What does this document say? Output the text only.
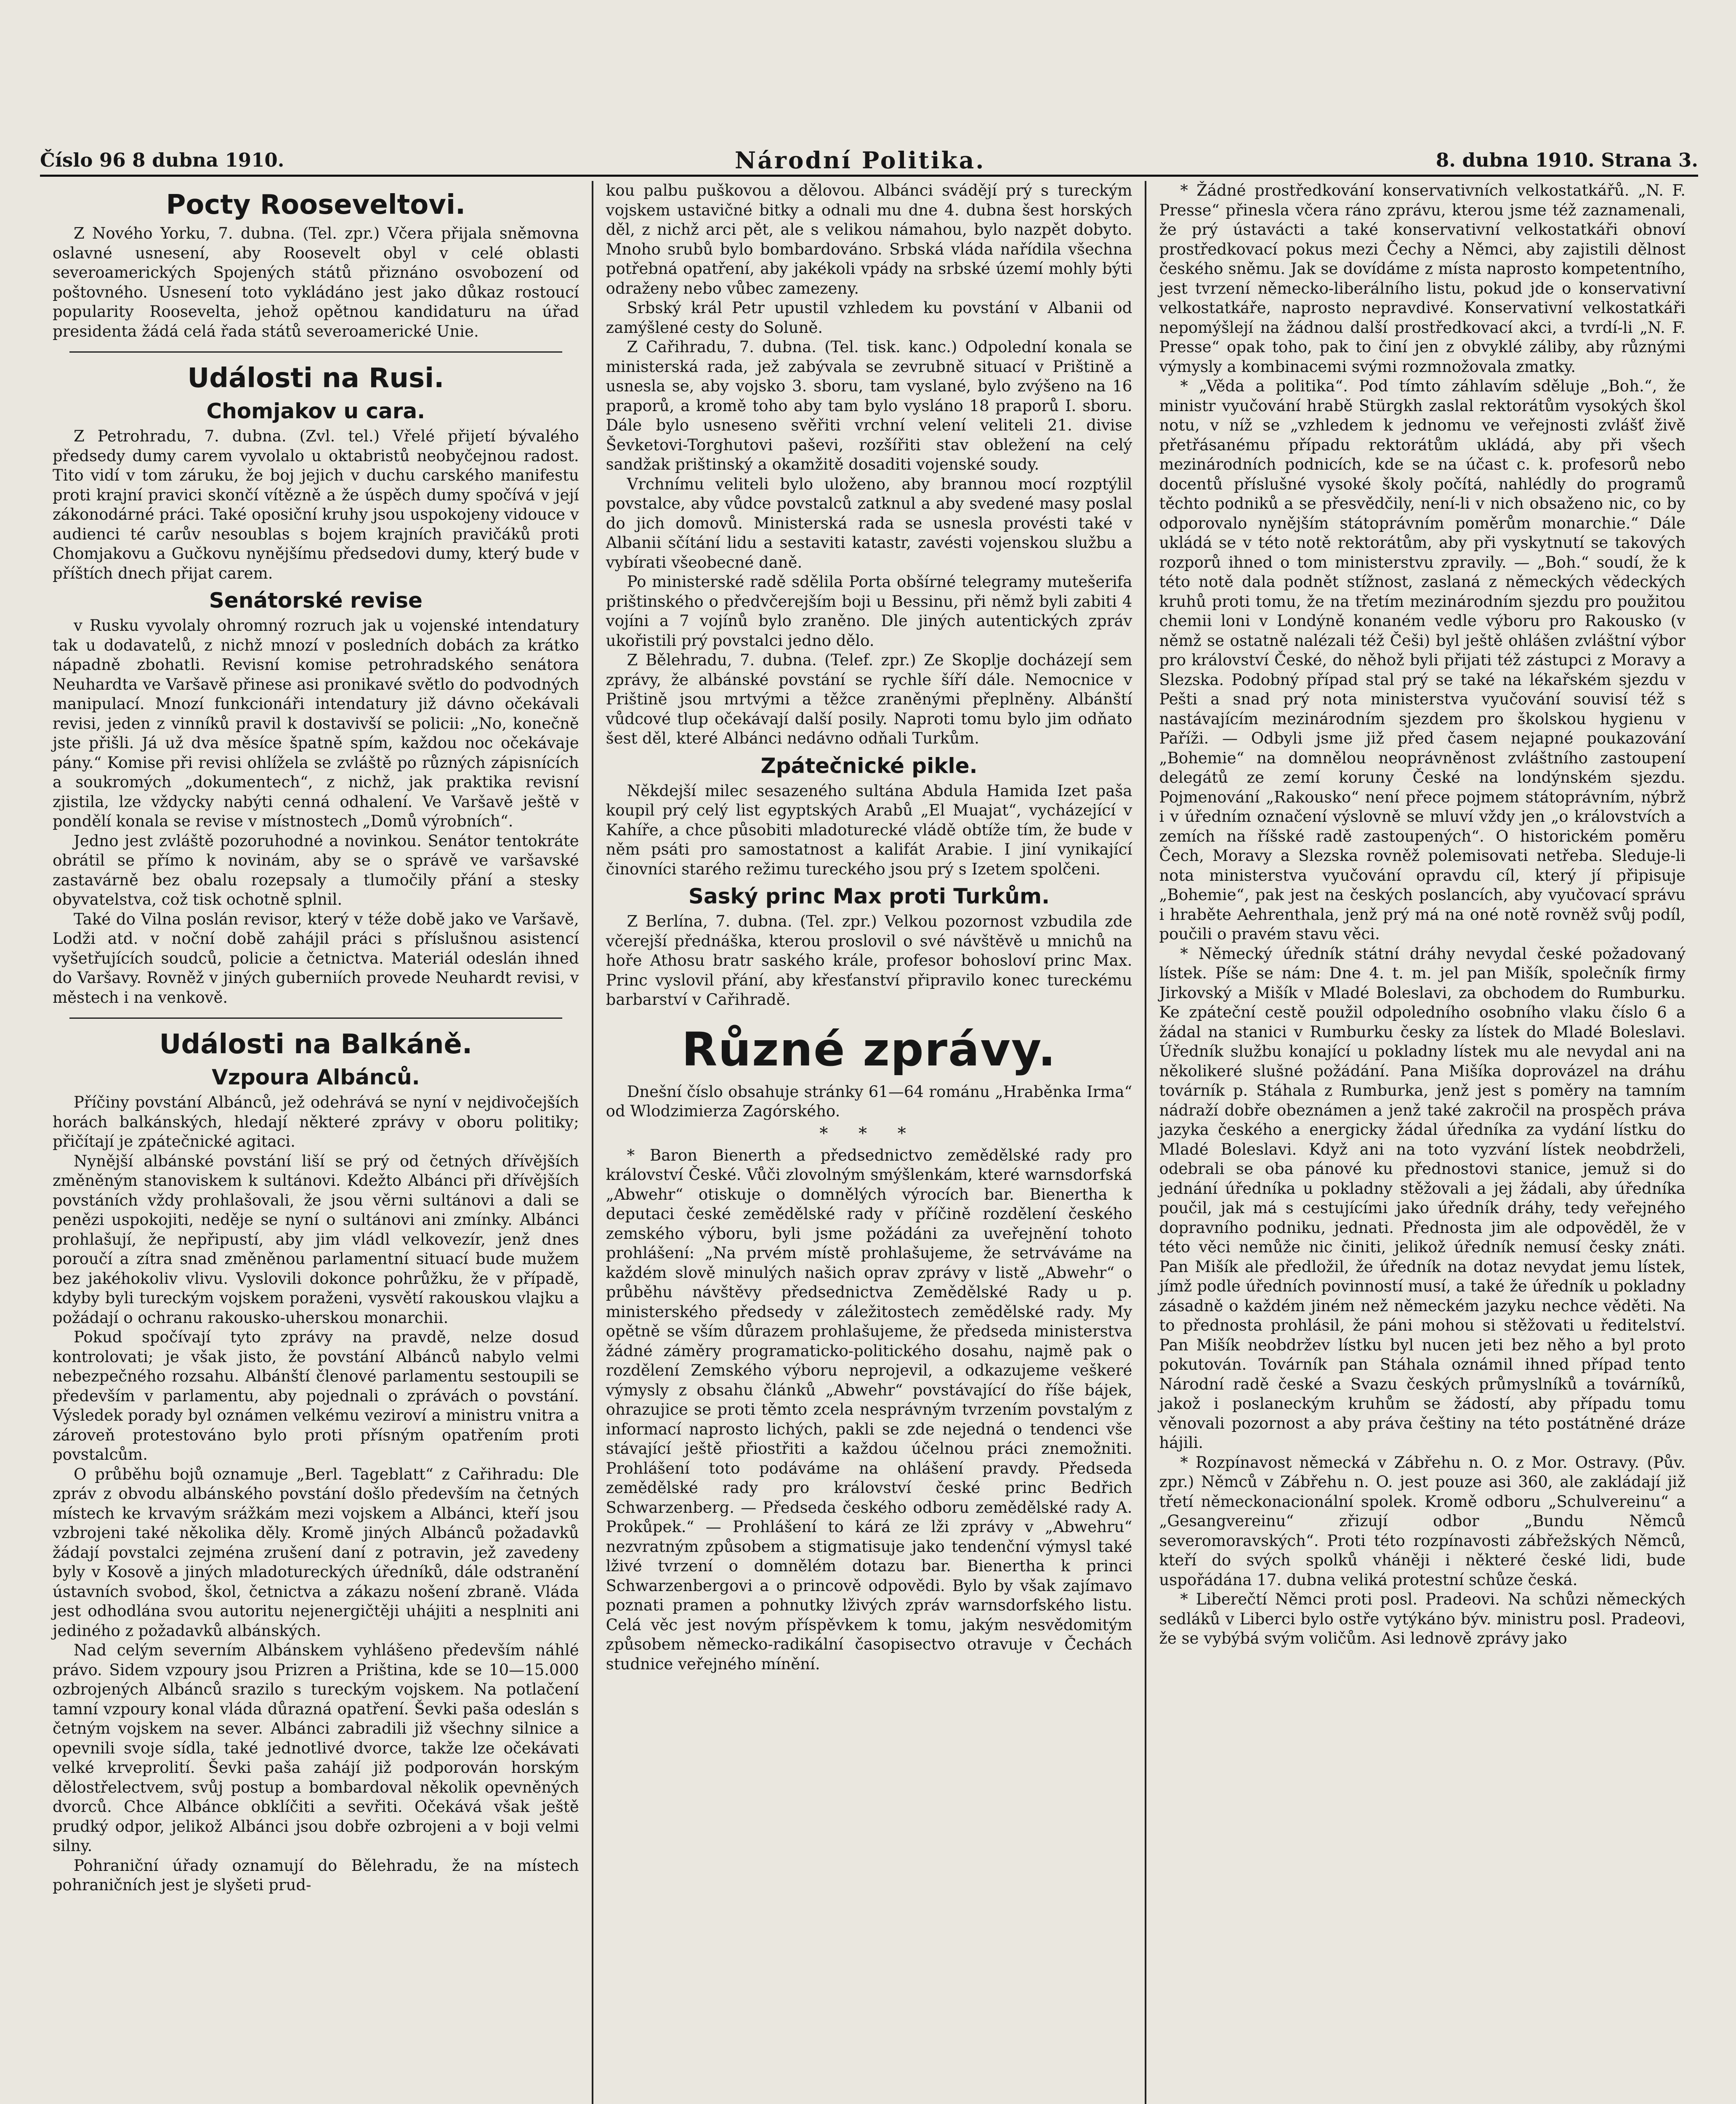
Číslo 96 8 dubna 1910.	Národní Politika.	8. dubna 1910. Strana 3.
Pocty Rooseveltovi.

Z Nového Yorku, 7. dubna. (Tel. zpr.) Včera přijala sněmovna oslavné usnesení, aby Roosevelt obyl v celé oblasti severoamerických Spojených států přiznáno osvobození od poštovného. Usnesení toto vykládáno jest jako důkaz rostoucí popularity Roosevelta, jehož opětnou kandidaturu na úřad presidenta žádá celá řada států severoamerické Unie.

Události na Rusi.
Chomjakov u cara.

Z Petrohradu, 7. dubna. (Zvl. tel.) Vřelé přijetí bývalého předsedy dumy carem vyvolalo u oktabristů neobyčejnou radost. Tito vidí v tom záruku, že boj jejich v duchu carského manifestu proti krajní pravici skončí vítězně a že úspěch dumy spočívá v její zákonodárné práci. Také oposiční kruhy jsou uspokojeny vidouce v audienci té carův nesoublas s bojem krajních pravičáků proti Chomjakovu a Gučkovu nynějšímu předsedovi dumy, který bude v příštích dnech přijat carem.

Senátorské revise

v Rusku vyvolaly ohromný rozruch jak u vojenské intendatury tak u dodavatelů, z nichž mnozí v posledních dobách za krátko nápadně zbohatli. Revisní komise petrohradského senátora Neuhardta ve Varšavě přinese asi pronikavé světlo do podvodných manipulací. Mnozí funkcionáři intendatury již dávno očekávali revisi, jeden z vinníků pravil k dostavivší se policii: „No, konečně jste přišli. Já už dva měsíce špatně spím, každou noc očekávaje pány.“ Komise při revisi ohlížela se zvláště po různých zápisnících a soukromých „dokumentech“, z nichž, jak praktika revisní zjistila, lze vždycky nabýti cenná odhalení. Ve Varšavě ještě v pondělí konala se revise v místnostech „Domů výrobních“.

Jedno jest zvláště pozoruhodné a novinkou. Senátor tentokráte obrátil se přímo k novinám, aby se o správě ve varšavské zastavárně bez obalu rozepsaly a tlumočily přání a stesky obyvatelstva, což tisk ochotně splnil.

Také do Vilna poslán revisor, který v téže době jako ve Varšavě, Lodži atd. v noční době zahájil práci s příslušnou asistencí vyšetřujících soudců, policie a četnictva. Materiál odeslán ihned do Varšavy. Rovněž v jiných guberniích provede Neuhardt revisi, v městech i na venkově.

Události na Balkáně.
Vzpoura Albánců.

Příčiny povstání Albánců, jež odehrává se nyní v nejdivočejších horách balkánských, hledají některé zprávy v oboru politiky; přičítají je zpátečnické agitaci.

Nynější albánské povstání liší se prý od četných dřívějších změněným stanoviskem k sultánovi. Kdežto Albánci při dřívějších povstáních vždy prohlašovali, že jsou věrni sultánovi a dali se penězi uspokojiti, nedějе se nyní o sultánovi ani zmínky. Albánci prohlašují, že nepřipustí, aby jim vládl velkovezír, jenž dnes poroučí a zítra snad změněnou parlamentní situací bude mužem bez jakéhokoliv vlivu. Vyslovili dokonce pohrůžku, že v případě, kdyby byli tureckým vojskem poraženi, vysvětí rakouskou vlajku a požádají o ochranu rakousko-uherskou monarchii.

Pokud spočívají tyto zprávy na pravdě, nelze dosud kontrolovati; je však jisto, že povstání Albánců nabylo velmi nebezpečného rozsahu. Albánští členové parlamentu sestoupili se především v parlamentu, aby pojednali o zprávách o povstání. Výsledek porady byl oznámen velkému veziroví a ministru vnitra a zároveň protestováno bylo proti přísným opatřením proti povstalcům.

O průběhu bojů oznamuje „Berl. Tageblatt“ z Cařihradu: Dle zpráv z obvodu albánského povstání došlo především na četných místech ke krvavým srážkám mezi vojskem a Albánci, kteří jsou vzbrojeni také několika děly. Kromě jiných Albánců požadavků žádají povstalci zejména zrušení daní z potravin, jež zavedeny byly v Kosově a jiných mladotureckých úředníků, dále odstranění ústavních svobod, škol, četnictva a zákazu nošení zbraně. Vláda jest odhodlána svou autoritu nejenergičtěji uhájiti a nesplniti ani jediného z požadavků albánských.

Nad celým severním Albánskem vyhlášeno především náhlé právo. Sidem vzpoury jsou Prizren a Priština, kde se 10—15.000 ozbrojených Albánců srazilo s tureckým vojskem. Na potlačení tamní vzpoury konal vláda důrazná opatření. Ševki paša odeslán s četným vojskem na sever. Albánci zabradili již všechny silnice a opevnili svoje sídla, také jednotlivé dvorce, takže lze očekávati velké krveprolití. Ševki paša zahájí již podporován horským dělostřelectvem, svůj postup a bombardoval několik opevněných dvorců. Chce Albánce obklíčiti a sevřiti. Očekává však ještě prudký odpor, jelikož Albánci jsou dobře ozbrojeni a v boji velmi silny.

Pohraniční úřady oznamují do Bělehradu, že na místech pohraničních jest je slyšeti prud-

kou palbu puškovou a dělovou. Albánci svádějí prý s tureckým vojskem ustavičné bitky a odnali mu dne 4. dubna šest horských děl, z nichž arci pět, ale s velikou námahou, bylo nazpět dobyto. Mnoho srubů bylo bombardováno. Srbská vláda nařídila všechna potřebná opatření, aby jakékoli vpády na srbské území mohly býti odraženy nebo vůbec zamezeny.

Srbský král Petr upustil vzhledem ku povstání v Albanii od zamýšlené cesty do Soluně.

Z Cařihradu, 7. dubna. (Tel. tisk. kanc.) Odpolední konala se ministerská rada, jež zabývala se zevrubně situací v Prištině a usnesla se, aby vojsko 3. sboru, tam vyslané, bylo zvýšeno na 16 praporů, a kromě toho aby tam bylo vysláno 18 praporů I. sboru. Dále bylo usneseno svěřiti vrchní velení veliteli 21. divise Ševketovi-Torghutovi paševi, rozšířiti stav obležení na celý sandžak prištinský a okamžitě dosaditi vojenské soudy.

Vrchnímu veliteli bylo uloženo, aby brannou mocí rozptýlil povstalce, aby vůdce povstalců zatknul a aby svedené masy poslal do jich domovů. Ministerská rada se usnesla provésti také v Albanii sčítání lidu a sestaviti katastr, zavésti vojenskou službu a vybírati všeobecné daně.

Po ministerské radě sdělila Porta obšírné telegramy mutešerifa prištinského o předvčerejším boji u Bessinu, při němž byli zabiti 4 vojíni a 7 vojínů bylo zraněno. Dle jiných autentických zpráv ukořistili prý povstalci jedno dělo.

Z Bělehradu, 7. dubna. (Telef. zpr.) Ze Skoplje docházejí sem zprávy, že albánské povstání se rychle šíří dále. Nemocnice v Prištině jsou mrtvými a těžce zraněnými přeplněny. Albánští vůdcové tlup očekávají další posily. Naproti tomu bylo jim odňato šest děl, které Albánci nedávno odňali Turkům.

Zpátečnické pikle.

Někdejší milec sesazeného sultána Abdula Hamida Izet paša koupil prý celý list egyptských Arabů „El Muajat“, vycházející v Kahíře, a chce působiti mladoturecké vládě obtíže tím, že bude v něm psáti pro samostatnost a kalifát Arabie. I jiní vynikající činovníci starého režimu tureckého jsou prý s Izetem spolčeni.

Saský princ Max proti Turkům.

Z Berlína, 7. dubna. (Tel. zpr.) Velkou pozornost vzbudila zde včerejší přednáška, kterou proslovil o své návštěvě u mnichů na hoře Athosu bratr saského krále, profesor bohosloví princ Max. Princ vyslovil přání, aby křesťanství připravilo konec tureckému barbarství v Cařihradě.

Různé zprávy.

Dnešní číslo obsahuje stránky 61—64 románu „Hraběnka Irma“ od Wlodzimierza Zagórského.

* * *

* Baron Bienerth a předsednictvo zemědělské rady pro království České. Vůči zlovolným smýšlenkám, které warnsdorfská „Abwehr“ otiskuje o domnělých výrocích bar. Bienertha k deputaci české zemědělské rady v příčině rozdělení českého zemského výboru, byli jsme požádáni za uveřejnění tohoto prohlášení: „Na prvém místě prohlašujeme, že setrváváme na každém slově minulých našich oprav zprávy v listě „Abwehr“ o průběhu návštěvy předsednictva Zemědělské Rady u p. ministerského předsedy v záležitostech zemědělské rady. My opětně se vším důrazem prohlašujeme, že předseda ministerstva žádné záměry programaticko-politického dosahu, najmě pak o rozdělení Zemského výboru neprojevil, a odkazujeme veškeré výmysly z obsahu článků „Abwehr“ povstávající do říše bájek, ohrazujice se proti těmto zcela nesprávným tvrzením povstalým z informací naprosto lichých, pakli se zde nejedná o tendenci vše stávající ještě přiostřiti a každou účelnou práci znemožniti. Prohlášení toto podáváme na ohlášení pravdy. Předseda zemědělské rady pro království české princ Bedřich Schwarzenberg. — Předseda českého odboru zemědělské rady A. Prokůpek.“ — Prohlášení to kárá ze lži zprávy v „Abwehru“ nezvratným způsobem a stigmatisuje jako tendenční výmysl také lživé tvrzení o domnělém dotazu bar. Bienertha k princi Schwarzenbergovi a o princově odpovědi. Bylo by však zajímavo poznati pramen a pohnutky lživých zpráv warnsdorfského listu. Celá věc jest novým příspěvkem k tomu, jakým nesvědomitým způsobem německo-radikální časopisectvo otravuje v Čechách studnice veřejného mínění.

* Žádné prostředkování konservativních velkostatkářů. „N. F. Presse“ přinesla včera ráno zprávu, kterou jsme též zaznamenali, že prý ústavácti a také konservativní velkostatkáři obnoví prostředkovací pokus mezi Čechy a Němci, aby zajistili dělnost českého sněmu. Jak se dovídáme z místa naprosto kompetentního, jest tvrzení německo-liberálního listu, pokud jde o konservativní velkostatkáře, naprosto nepravdivé. Konservativní velkostatkáři nepomýšlejí na žádnou další prostředkovací akci, a tvrdí-li „N. F. Presse“ opak toho, pak to činí jen z obvyklé záliby, aby různými výmysly a kombinacemi svými rozmnožovala zmatky.

* „Věda a politika“. Pod tímto záhlavím sděluje „Boh.“, že ministr vyučování hrabě Stürgkh zaslal rektorátům vysokých škol notu, v níž se „vzhledem k jednomu ve veřejnosti zvlášť živě přetřásanému případu rektorátům ukládá, aby při všech mezinárodních podnicích, kde se na účast c. k. profesorů nebo docentů příslušné vysoké školy počítá, nahlédly do programů těchto podniků a se přesvědčily, není-li v nich obsaženo nic, co by odporovalo nynějším státoprávním poměrům monarchie.“ Dále ukládá se v této notě rektorátům, aby při vyskytnutí se takových rozporů ihned o tom ministerstvu zpravily. — „Boh.“ soudí, že k této notě dala podnět stížnost, zaslaná z německých vědeckých kruhů proti tomu, že na třetím mezinárodním sjezdu pro použitou chemii loni v Londýně konaném vedle výboru pro Rakousko (v němž se ostatně nalézali též Češi) byl ještě ohlášen zvláštní výbor pro království České, do něhož byli přijati též zástupci z Moravy a Slezska. Podobný případ stal prý se také na lékařském sjezdu v Pešti a snad prý nota ministerstva vyučování souvisí též s nastávajícím mezinárodním sjezdem pro školskou hygienu v Paříži. — Odbyli jsme již před časem nejapné poukazování „Bohemie“ na domnělou neoprávněnost zvláštního zastoupení delegátů ze zemí koruny České na londýnském sjezdu. Pojmenování „Rakousko“ není přece pojmem státoprávním, nýbrž i v úředním označení výslovně se mluví vždy jen „o královstvích a zemích na říšské radě zastoupených“. O historickém poměru Čech, Moravy a Slezska rovněž polemisovati netřeba. Sleduje-li nota ministerstva vyučování opravdu cíl, který jí připisuje „Bohemie“, pak jest na českých poslancích, aby vyučovací správu i hraběte Aehrenthala, jenž prý má na oné notě rovněž svůj podíl, poučili o pravém stavu věci.

* Německý úředník státní dráhy nevydal české požadovaný lístek. Píše se nám: Dne 4. t. m. jel pan Mišík, společník firmy Jirkovský a Mišík v Mladé Boleslavi, za obchodem do Rumburku. Ke zpáteční cestě použil odpoledního osobního vlaku číslo 6 a žádal na stanici v Rumburku česky za lístek do Mladé Boleslavi. Úředník službu konající u pokladny lístek mu ale nevydal ani na několikeré slušné požádání. Pana Mišíka doprovázel na dráhu továrník p. Stáhala z Rumburka, jenž jest s poměry na tamním nádraží dobře obeznámen a jenž také zakročil na prospěch práva jazyka českého a energicky žádal úředníka za vydání lístku do Mladé Boleslavi. Když ani na toto vyzvání lístek neobdrželi, odebrali se oba pánové ku přednostovi stanice, jemuž si do jednání úředníka u pokladny stěžovali a jej žádali, aby úředníka poučil, jak má s cestujícími jako úředník dráhy, tedy veřejného dopravního podniku, jednati. Přednosta jim ale odpověděl, že v této věci nemůže nic činiti, jelikož úředník nemusí česky znáti. Pan Mišík ale předložil, že úředník na dotaz nevydat jemu lístek, jímž podle úředních povinností musí, a také že úředník u pokladny zásadně o každém jiném než německém jazyku nechce věděti. Na to přednosta prohlásil, že páni mohou si stěžovati u ředitelství. Pan Mišík neobdržev lístku byl nucen jeti bez něho a byl proto pokutován. Továrník pan Stáhala oznámil ihned případ tento Národní radě české a Svazu českých průmyslníků a továrníků, jakož i poslaneckým kruhům se žádostí, aby případu tomu věnovali pozornost a aby práva češtiny na této postátněné dráze hájili.

* Rozpínavost německá v Zábřehu n. O. z Mor. Ostravy. (Pův. zpr.) Němců v Zábřehu n. O. jest pouze asi 360, ale zakládají již třetí německonacionální spolek. Kromě odboru „Schulvereinu“ a „Gesangvereinu“ zřizují odbor „Bundu Němců severomoravských“. Proti této rozpínavosti zábřežských Němců, kteří do svých spolků vháněji i některé české lidi, bude uspořádána 17. dubna veliká protestní schůze česká.

* Liberečtí Němci proti posl. Pradeovi. Na schůzi německých sedláků v Liberci bylo ostře vytýkáno býv. ministru posl. Pradeovi, že se vybýbá svým voličům. Asi lednově zprávy jako
